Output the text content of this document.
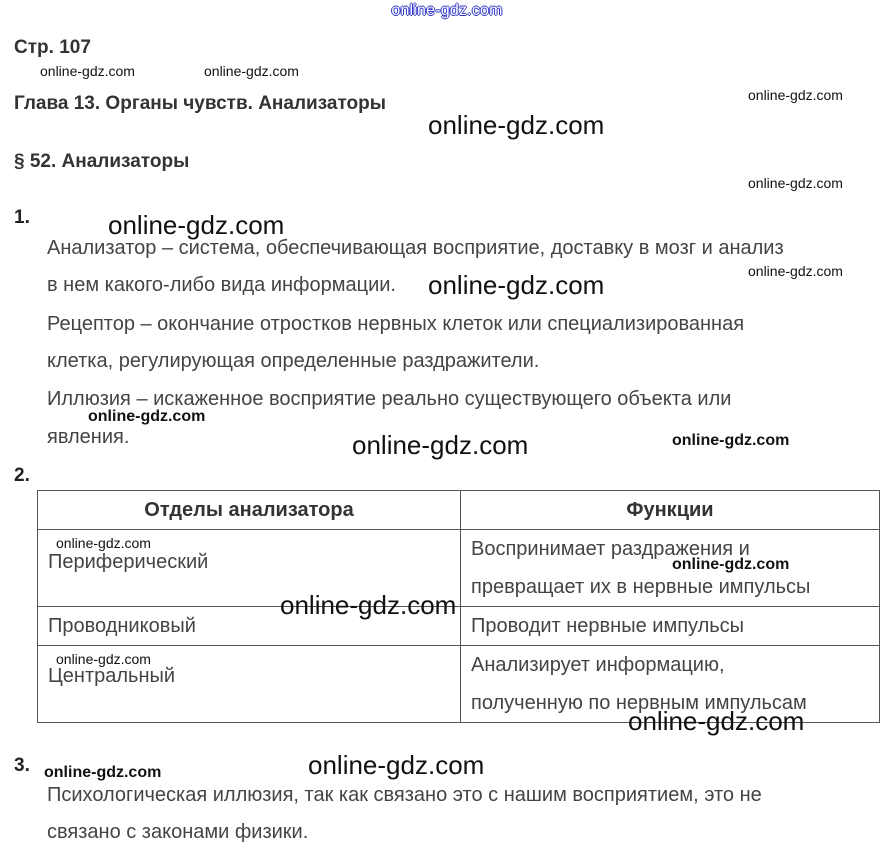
online-gdz.com
Стр. 107
Глава 13. Органы чувств. Анализаторы
§ 52. Анализаторы
1.
Анализатор – система, обеспечивающая восприятие, доставку в мозг и анализ
в нем какого-либо вида информации.
Рецептор – окончание отростков нервных клеток или специализированная
клетка, регулирующая определенные раздражители.
Иллюзия – искаженное восприятие реально существующего объекта или
явления.
2.
Отделы анализатора	Функции

Периферический	Воспринимает раздражения и
превращает их в нервные импульсы

Проводниковый	Проводит нервные импульсы

Центральный	Анализирует информацию,
полученную по нервным импульсам
3.
Психологическая иллюзия, так как связано это с нашим восприятием, это не
связано с законами физики.
online-gdz.com	online-gdz.com
online-gdz.com
online-gdz.com
online-gdz.com
online-gdz.com
online-gdz.com
online-gdz.com
online-gdz.com
online-gdz.com	online-gdz.com
online-gdz.com
online-gdz.com
online-gdz.com
online-gdz.com
online-gdz.com
online-gdz.com	online-gdz.com
